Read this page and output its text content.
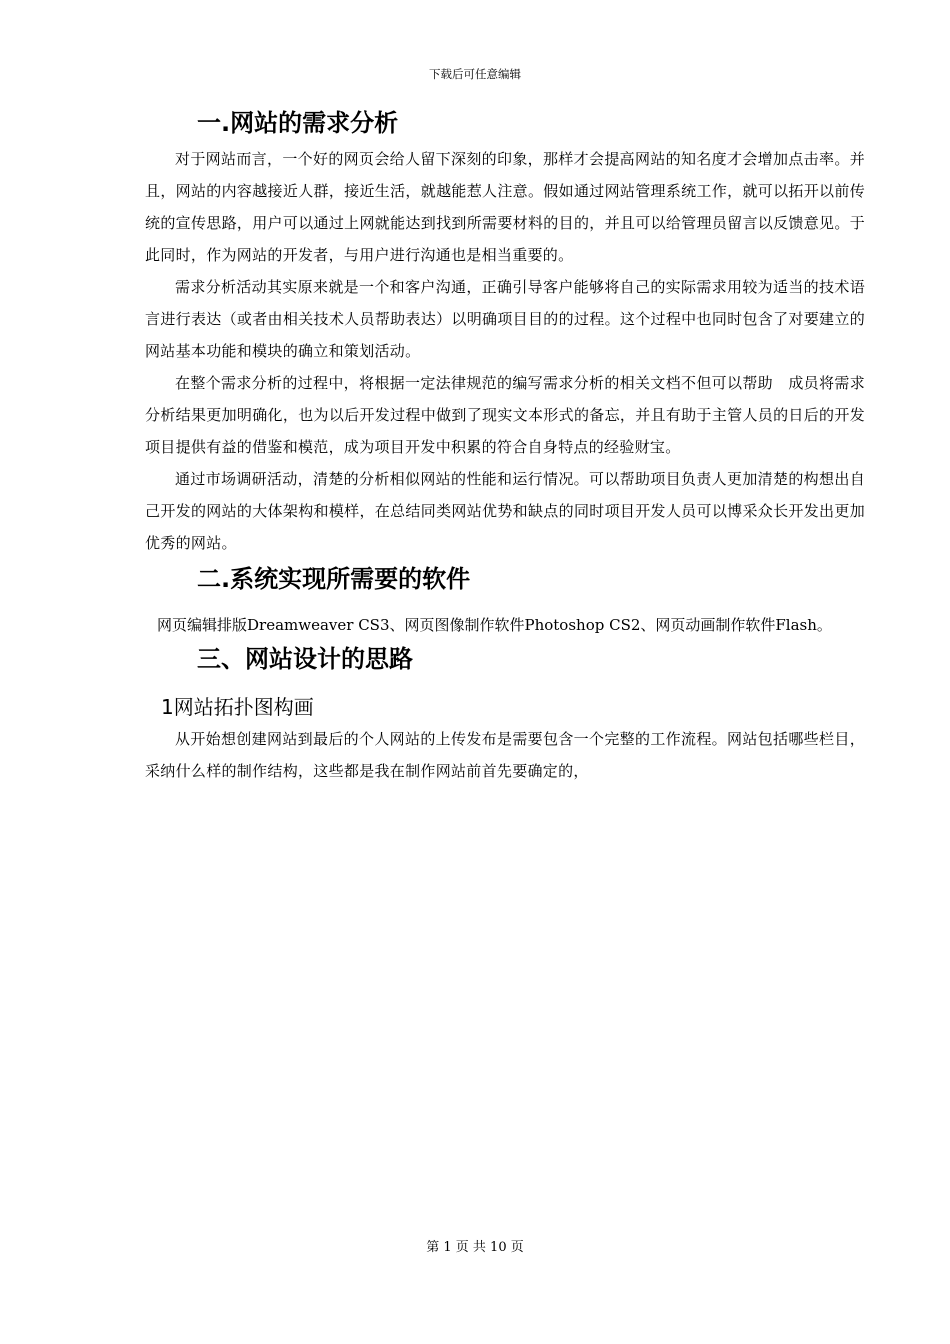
下载后可任意编辑
一.网站的需求分析

对于网站而言，一个好的网页会给人留下深刻的印象，那样才会提高网站的知名度才会增加点击率。并且，网站的内容越接近人群，接近生活，就越能惹人注意。假如通过网站管理系统工作，就可以拓开以前传统的宣传思路，用户可以通过上网就能达到找到所需要材料的目的，并且可以给管理员留言以反馈意见。于此同时，作为网站的开发者，与用户进行沟通也是相当重要的。

需求分析活动其实原来就是一个和客户沟通，正确引导客户能够将自己的实际需求用较为适当的技术语言进行表达（或者由相关技术人员帮助表达）以明确项目目的的过程。这个过程中也同时包含了对要建立的网站基本功能和模块的确立和策划活动。

在整个需求分析的过程中，将根据一定法律规范的编写需求分析的相关文档不但可以帮助　成员将需求分析结果更加明确化，也为以后开发过程中做到了现实文本形式的备忘，并且有助于主管人员的日后的开发项目提供有益的借鉴和模范，成为项目开发中积累的符合自身特点的经验财宝。

通过市场调研活动，清楚的分析相似网站的性能和运行情况。可以帮助项目负责人更加清楚的构想出自己开发的网站的大体架构和模样，在总结同类网站优势和缺点的同时项目开发人员可以博采众长开发出更加优秀的网站。

二.系统实现所需要的软件
网页编辑排版Dreamweaver CS3、网页图像制作软件Photoshop CS2、网页动画制作软件Flash。
三、网站设计的思路
1网站拓扑图构画

从开始想创建网站到最后的个人网站的上传发布是需要包含一个完整的工作流程。网站包括哪些栏目，采纳什么样的制作结构，这些都是我在制作网站前首先要确定的，

第 1 页 共 10 页
